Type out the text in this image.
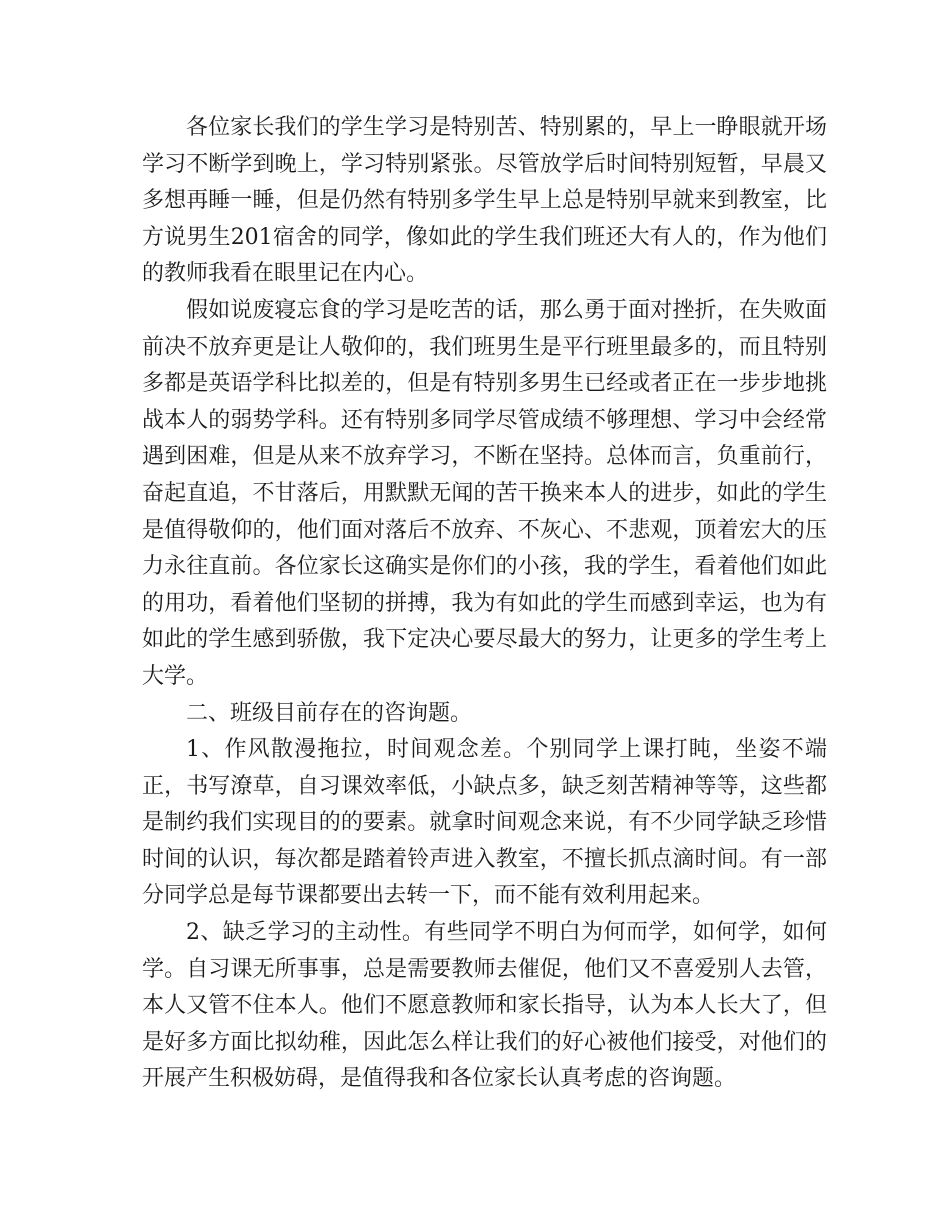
各位家长我们的学生学习是特别苦、特别累的，早上一睁眼就开场学习不断学到晚上，学习特别紧张。尽管放学后时间特别短暂，早晨又多想再睡一睡，但是仍然有特别多学生早上总是特别早就来到教室，比方说男生201宿舍的同学，像如此的学生我们班还大有人的，作为他们的教师我看在眼里记在内心。

假如说废寝忘食的学习是吃苦的话，那么勇于面对挫折，在失败面前决不放弃更是让人敬仰的，我们班男生是平行班里最多的，而且特别多都是英语学科比拟差的，但是有特别多男生已经或者正在一步步地挑战本人的弱势学科。还有特别多同学尽管成绩不够理想、学习中会经常遇到困难，但是从来不放弃学习，不断在坚持。总体而言，负重前行，奋起直追，不甘落后，用默默无闻的苦干换来本人的进步，如此的学生是值得敬仰的，他们面对落后不放弃、不灰心、不悲观，顶着宏大的压力永往直前。各位家长这确实是你们的小孩，我的学生，看着他们如此的用功，看着他们坚韧的拼搏，我为有如此的学生而感到幸运，也为有如此的学生感到骄傲，我下定决心要尽最大的努力，让更多的学生考上大学。

二、班级目前存在的咨询题。

1、作风散漫拖拉，时间观念差。个别同学上课打盹，坐姿不端正，书写潦草，自习课效率低，小缺点多，缺乏刻苦精神等等，这些都是制约我们实现目的的要素。就拿时间观念来说，有不少同学缺乏珍惜时间的认识，每次都是踏着铃声进入教室，不擅长抓点滴时间。有一部分同学总是每节课都要出去转一下，而不能有效利用起来。

2、缺乏学习的主动性。有些同学不明白为何而学，如何学，如何学。自习课无所事事，总是需要教师去催促，他们又不喜爱别人去管，本人又管不住本人。他们不愿意教师和家长指导，认为本人长大了，但是好多方面比拟幼稚，因此怎么样让我们的好心被他们接受，对他们的开展产生积极妨碍，是值得我和各位家长认真考虑的咨询题。
